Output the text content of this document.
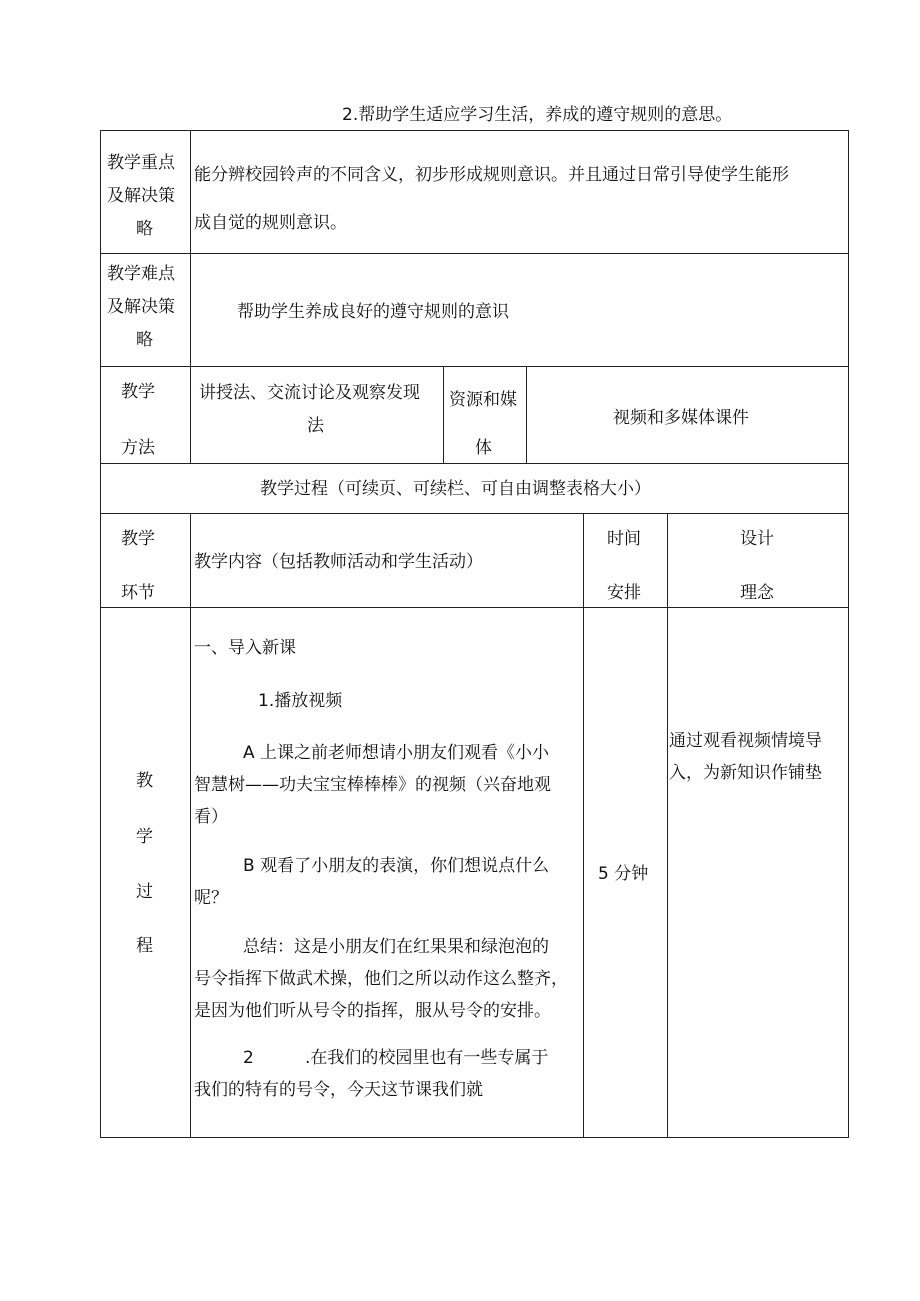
2.帮助学生适应学习生活，养成的遵守规则的意思。
教学重点
及解决策
略
能分辨校园铃声的不同含义，初步形成规则意识。并且通过日常引导使学生能形
成自觉的规则意识。
教学难点
及解决策
略
帮助学生养成良好的遵守规则的意识
教学
方法
讲授法、交流讨论及观察发现
法
资源和媒
体
视频和多媒体课件
教学过程（可续页、可续栏、可自由调整表格大小）
教学
环节
教学内容（包括教师活动和学生活动）
时间
安排
设计
理念
教
学
过
程
一、导入新课
1.播放视频
A 上课之前老师想请小朋友们观看《小小
智慧树——功夫宝宝棒棒棒》的视频（兴奋地观
看）
B 观看了小朋友的表演，你们想说点什么
呢？
总结：这是小朋友们在红果果和绿泡泡的
号令指挥下做武术操，他们之所以动作这么整齐，
是因为他们听从号令的指挥，服从号令的安排。
2	.在我们的校园里也有一些专属于
我们的特有的号令，今天这节课我们就
5 分钟
通过观看视频情境导
入，为新知识作铺垫
